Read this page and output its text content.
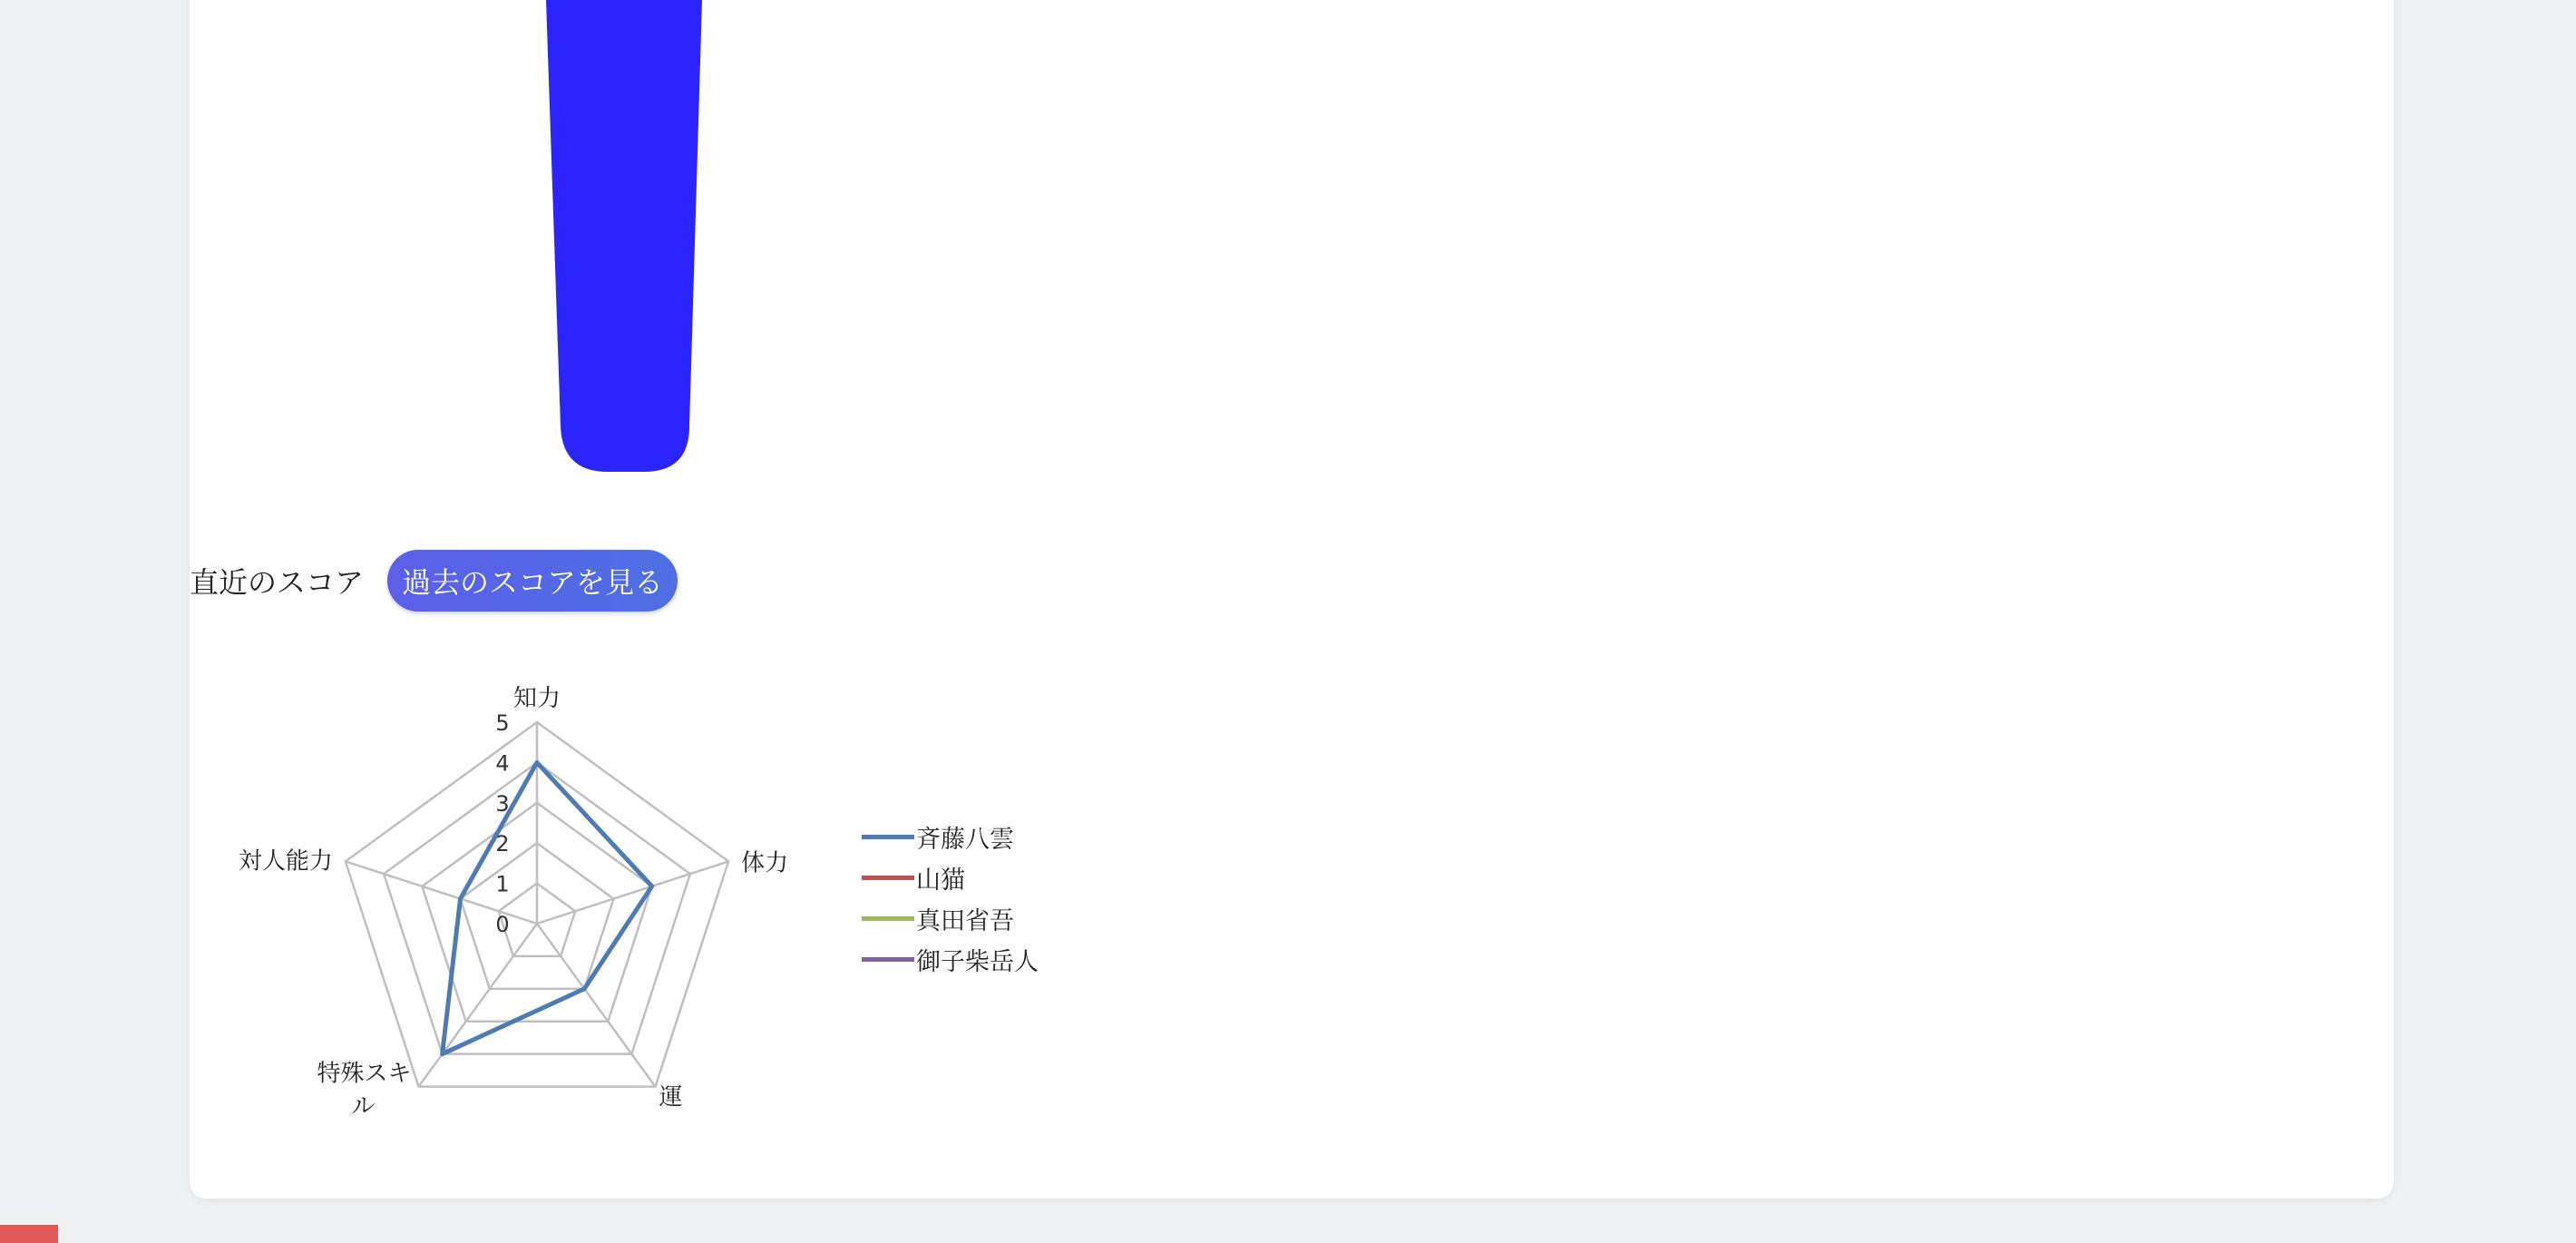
直近のスコア	過去のスコアを見る
0
1
2
3
4
5
知力
体力
運
特殊スキル
対人能力
斉藤八雲
山猫
真田省吾
御子柴岳人
